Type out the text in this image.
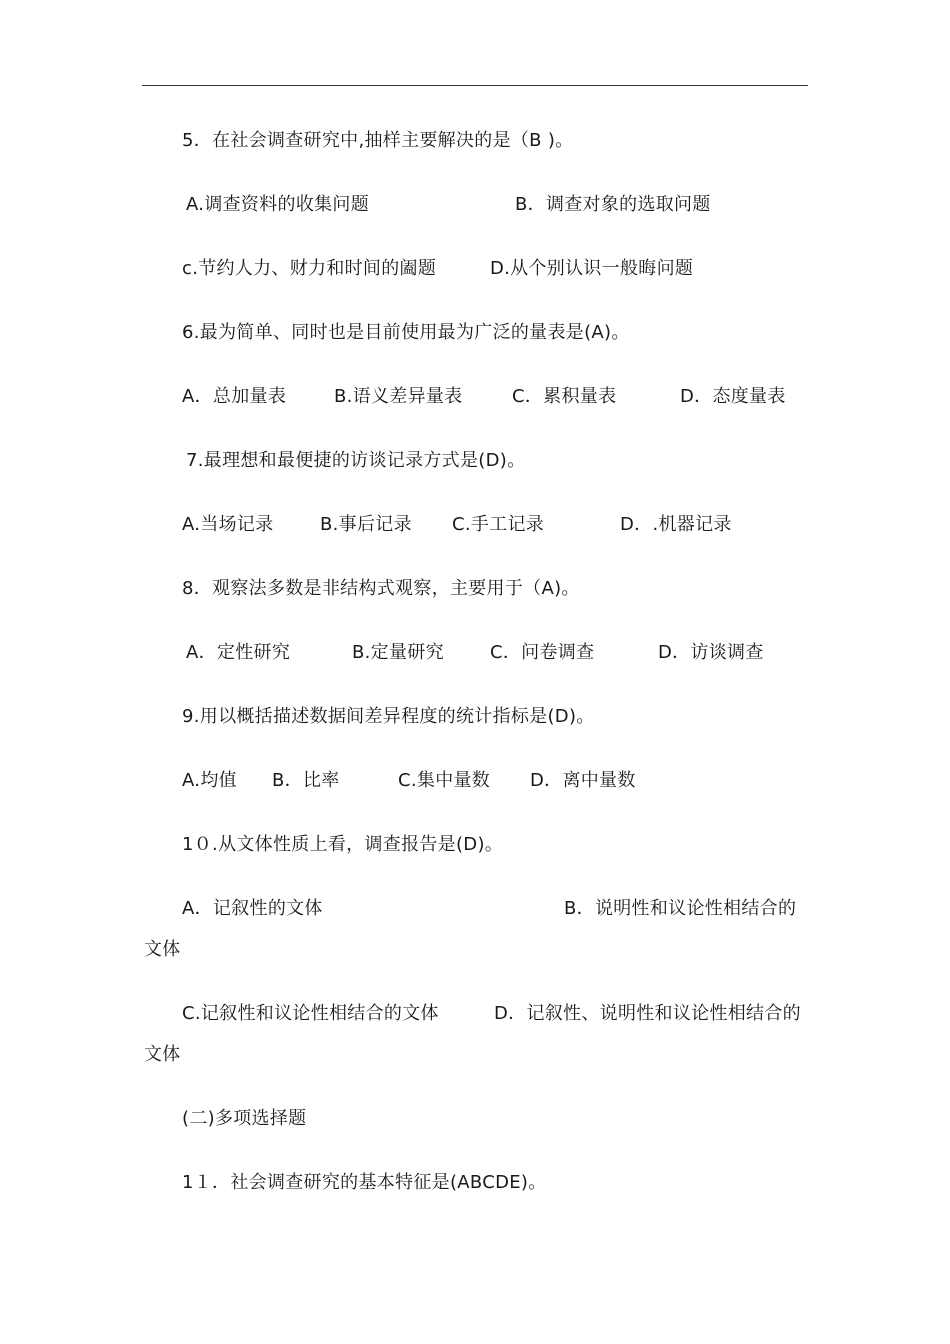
5．在社会调查研究中,抽样主要解决的是（B )。
A.调查资料的收集问题	B．调查对象的选取问题
c.节约人力、财力和时间的阖题	D.从个别认识一般晦问题
6.最为简单、同时也是目前使用最为广泛的量表是(A)。
A．总加量表	B.语义差异量表	C．累积量表	D．态度量表
7.最理想和最便捷的访谈记录方式是(D)。
A.当场记录	B.事后记录 C.手工记录	D．.机器记录
8．观察法多数是非结构式观察，主要用于（A)。
A．定性研究	B.定量研究	C．问卷调查	D．访谈调查
9.用以概括描述数据间差异程度的统计指标是(D)。
A.均值 B．比率	C.集中量数 D．离中量数
1０.从文体性质上看，调查报告是(D)。
A．记叙性的文体	B．说明性和议论性相结合的
文体
C.记叙性和议论性相结合的文体	D．记叙性、说明性和议论性相结合的
文体
(二)多项选择题
1１．社会调查研究的基本特征是(ABCDE)。
